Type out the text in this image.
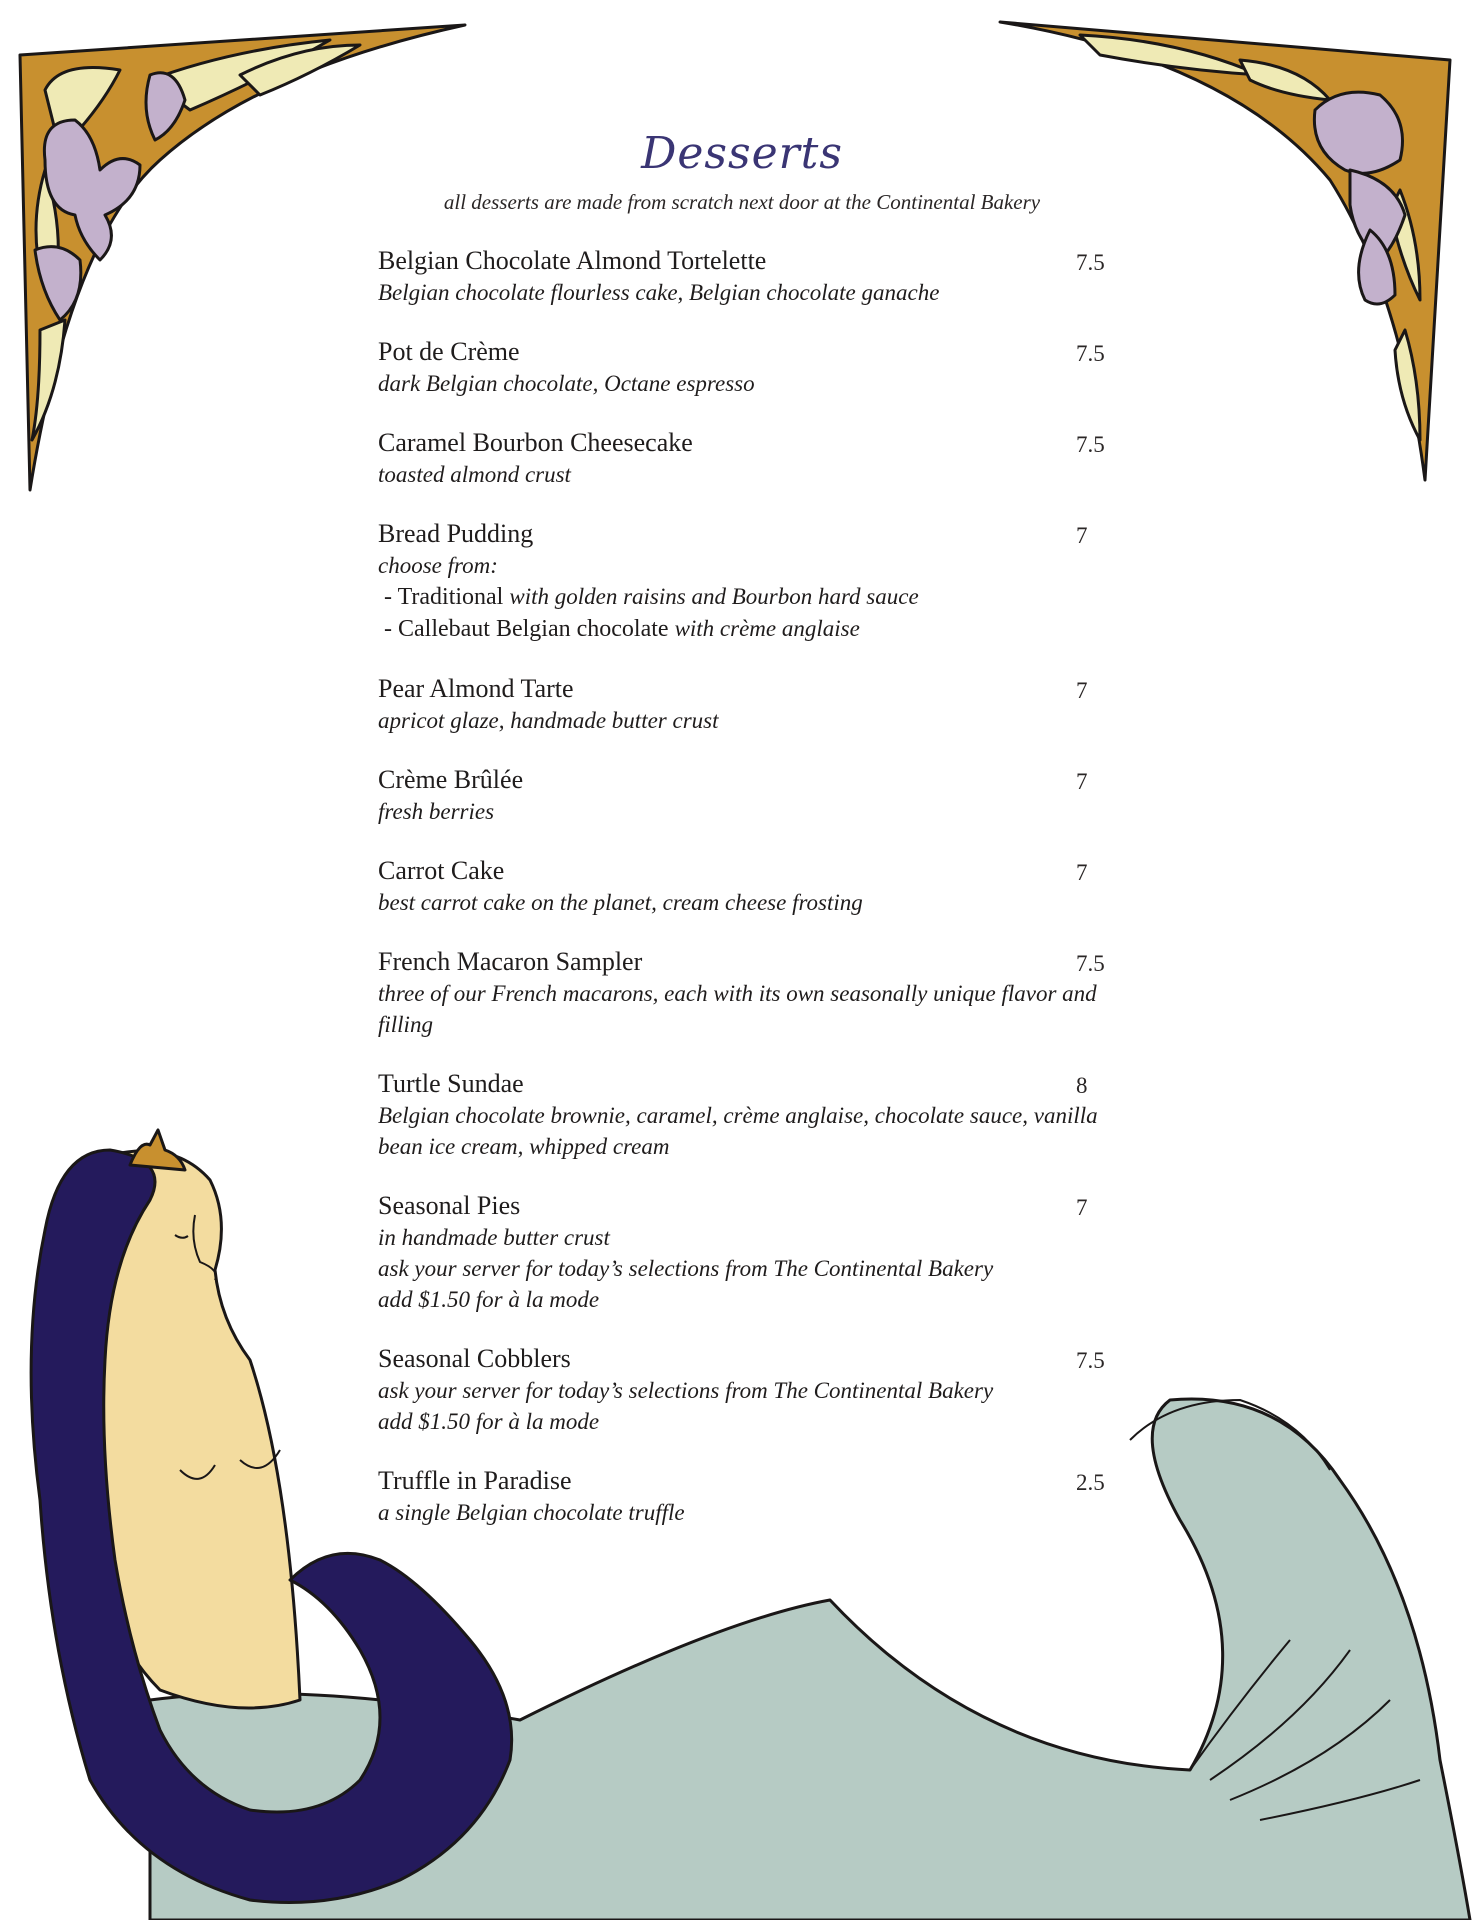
Desserts
all desserts are made from scratch next door at the Continental Bakery
Belgian Chocolate Almond Tortelette	7.5
Belgian chocolate flourless cake, Belgian chocolate ganache
Pot de Crème	7.5
dark Belgian chocolate, Octane espresso
Caramel Bourbon Cheesecake	7.5
toasted almond crust
Bread Pudding	7
choose from:
- Traditional with golden raisins and Bourbon hard sauce
- Callebaut Belgian chocolate with crème anglaise
Pear Almond Tarte	7
apricot glaze, handmade butter crust
Crème Brûlée	7
fresh berries
Carrot Cake	7
best carrot cake on the planet, cream cheese frosting
French Macaron Sampler	7.5
three of our French macarons, each with its own seasonally unique flavor and filling
Turtle Sundae	8
Belgian chocolate brownie, caramel, crème anglaise, chocolate sauce, vanilla bean ice cream, whipped cream
Seasonal Pies	7
in handmade butter crust
ask your server for today’s selections from The Continental Bakery
add $1.50 for à la mode
Seasonal Cobblers	7.5
ask your server for today’s selections from The Continental Bakery
add $1.50 for à la mode
Truffle in Paradise	2.5
a single Belgian chocolate truffle
